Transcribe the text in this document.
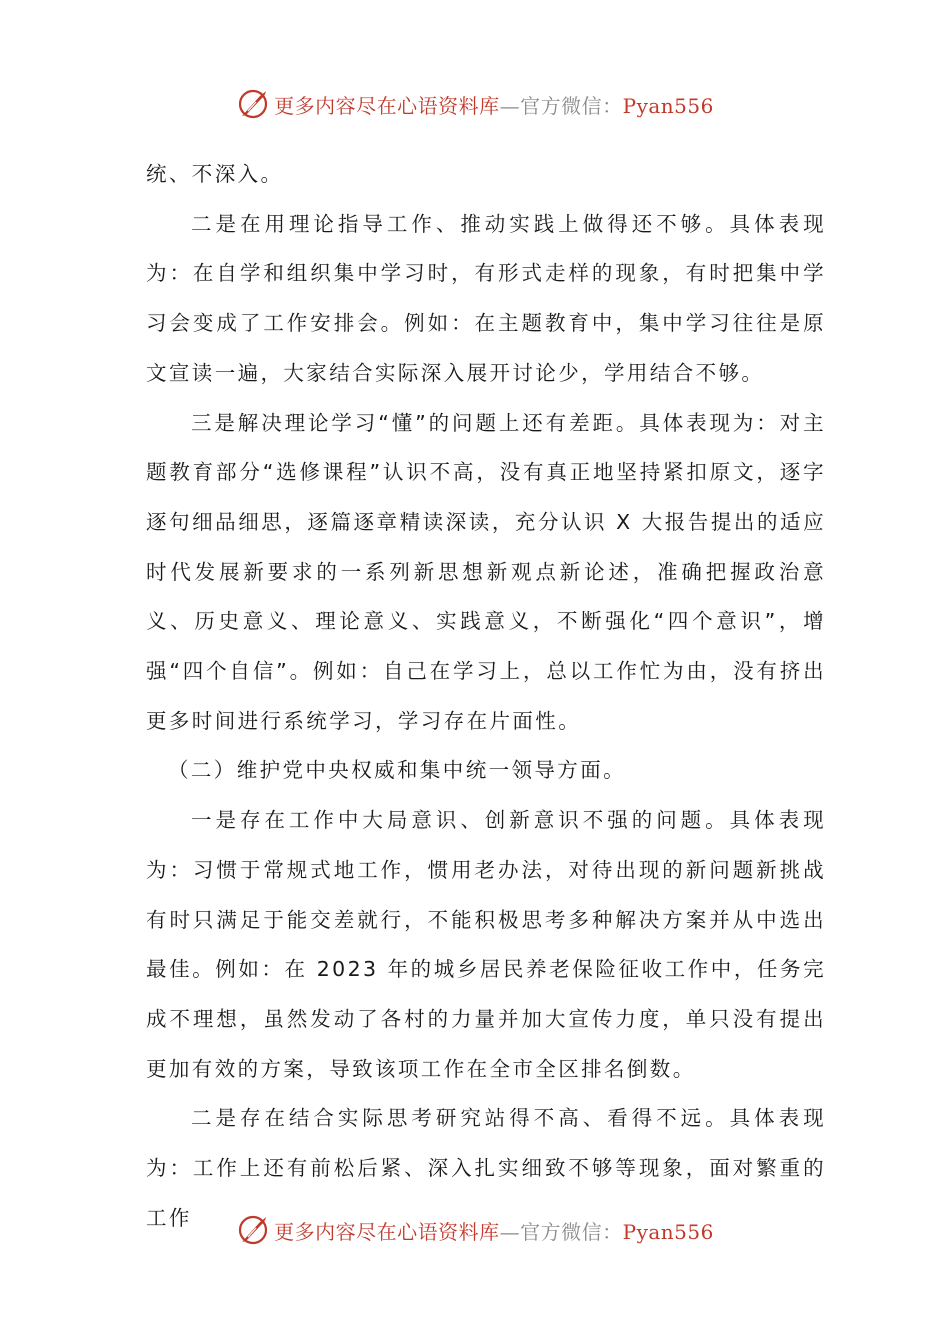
更多内容尽在心语资料库—官方微信：Pyan556

统、不深入。

二是在用理论指导工作、推动实践上做得还不够。具体表现为：在自学和组织集中学习时，有形式走样的现象，有时把集中学习会变成了工作安排会。例如：在主题教育中，集中学习往往是原文宣读一遍，大家结合实际深入展开讨论少，学用结合不够。

三是解决理论学习“懂”的问题上还有差距。具体表现为：对主题教育部分“选修课程”认识不高，没有真正地坚持紧扣原文，逐字逐句细品细思，逐篇逐章精读深读，充分认识 X 大报告提出的适应时代发展新要求的一系列新思想新观点新论述，准确把握政治意义、历史意义、理论意义、实践意义，不断强化“四个意识”，增强“四个自信”。例如：自己在学习上，总以工作忙为由，没有挤出更多时间进行系统学习，学习存在片面性。

（二）维护党中央权威和集中统一领导方面。

一是存在工作中大局意识、创新意识不强的问题。具体表现为：习惯于常规式地工作，惯用老办法，对待出现的新问题新挑战有时只满足于能交差就行，不能积极思考多种解决方案并从中选出最佳。例如：在 2023 年的城乡居民养老保险征收工作中，任务完成不理想，虽然发动了各村的力量并加大宣传力度，单只没有提出更加有效的方案，导致该项工作在全市全区排名倒数。

二是存在结合实际思考研究站得不高、看得不远。具体表现为：工作上还有前松后紧、深入扎实细致不够等现象，面对繁重的工作

更多内容尽在心语资料库—官方微信：Pyan556
